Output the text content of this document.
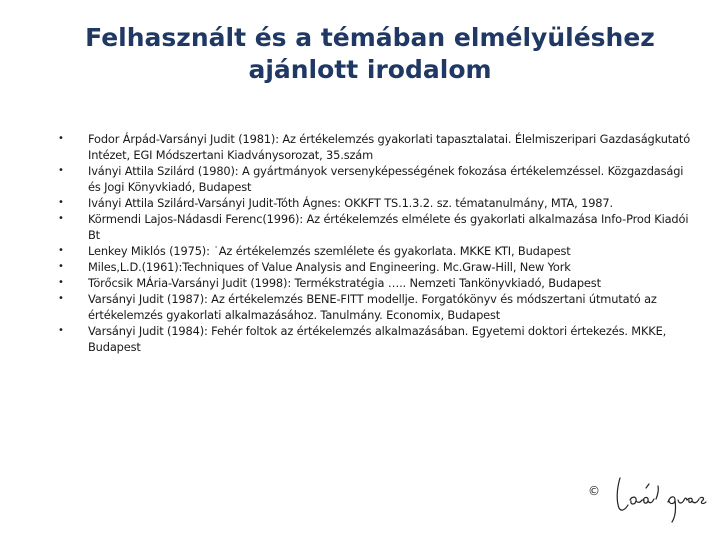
Felhasznált és a témában elmélyüléshez
ajánlott irodalom
•	Fodor Árpád-Varsányi Judit (1981): Az értékelemzés gyakorlati tapasztalatai. Élelmiszeripari Gazdaságkutató Intézet, EGI Módszertani Kiadványsorozat, 35.szám
•	Iványi Attila Szilárd (1980): A gyártmányok versenyképességének fokozása értékelemzéssel. Közgazdasági és Jogi Könyvkiadó, Budapest
•	Iványi Attila Szilárd-Varsányi Judit-Tóth Ágnes: OKKFT TS.1.3.2. sz. tématanulmány, MTA, 1987.
•	Körmendi Lajos-Nádasdi Ferenc(1996): Az értékelemzés elmélete és gyakorlati alkalmazása Info-Prod Kiadói Bt
•	Lenkey Miklós (1975): ˙Az értékelemzés szemlélete és gyakorlata. MKKE KTI, Budapest
•	Miles,L.D.(1961):Techniques of Value Analysis and Engineering. Mc.Graw-Hill, New York
•	Törőcsik MÁria-Varsányi Judit (1998): Termékstratégia ….. Nemzeti Tankönyvkiadó, Budapest
•	Varsányi Judit (1987): Az értékelemzés BENE-FITT modellje. Forgatókönyv és módszertani útmutató az értékelemzés gyakorlati alkalmazásához. Tanulmány. Economix, Budapest
•	Varsányi Judit (1984): Fehér foltok az értékelemzés alkalmazásában. Egyetemi doktori értekezés. MKKE, Budapest
©
